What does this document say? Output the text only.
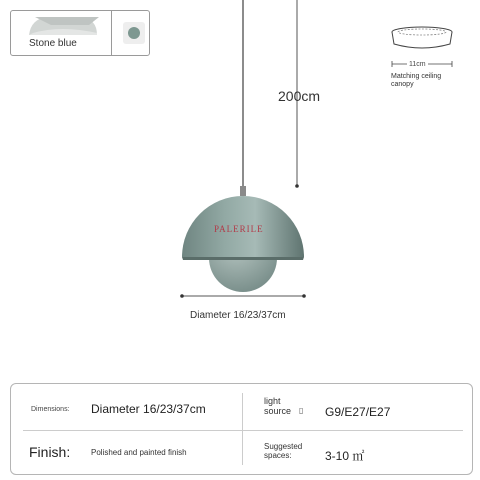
Stone blue
PALERILE
200cm
11cm
Matching ceiling canopy
Diameter 16/23/37cm
Dimensions: Diameter 16/23/37cm
light source ▯ G9/E27/E27
Finish:	Polished and painted finish
Suggested spaces:	3-10 ㎡
